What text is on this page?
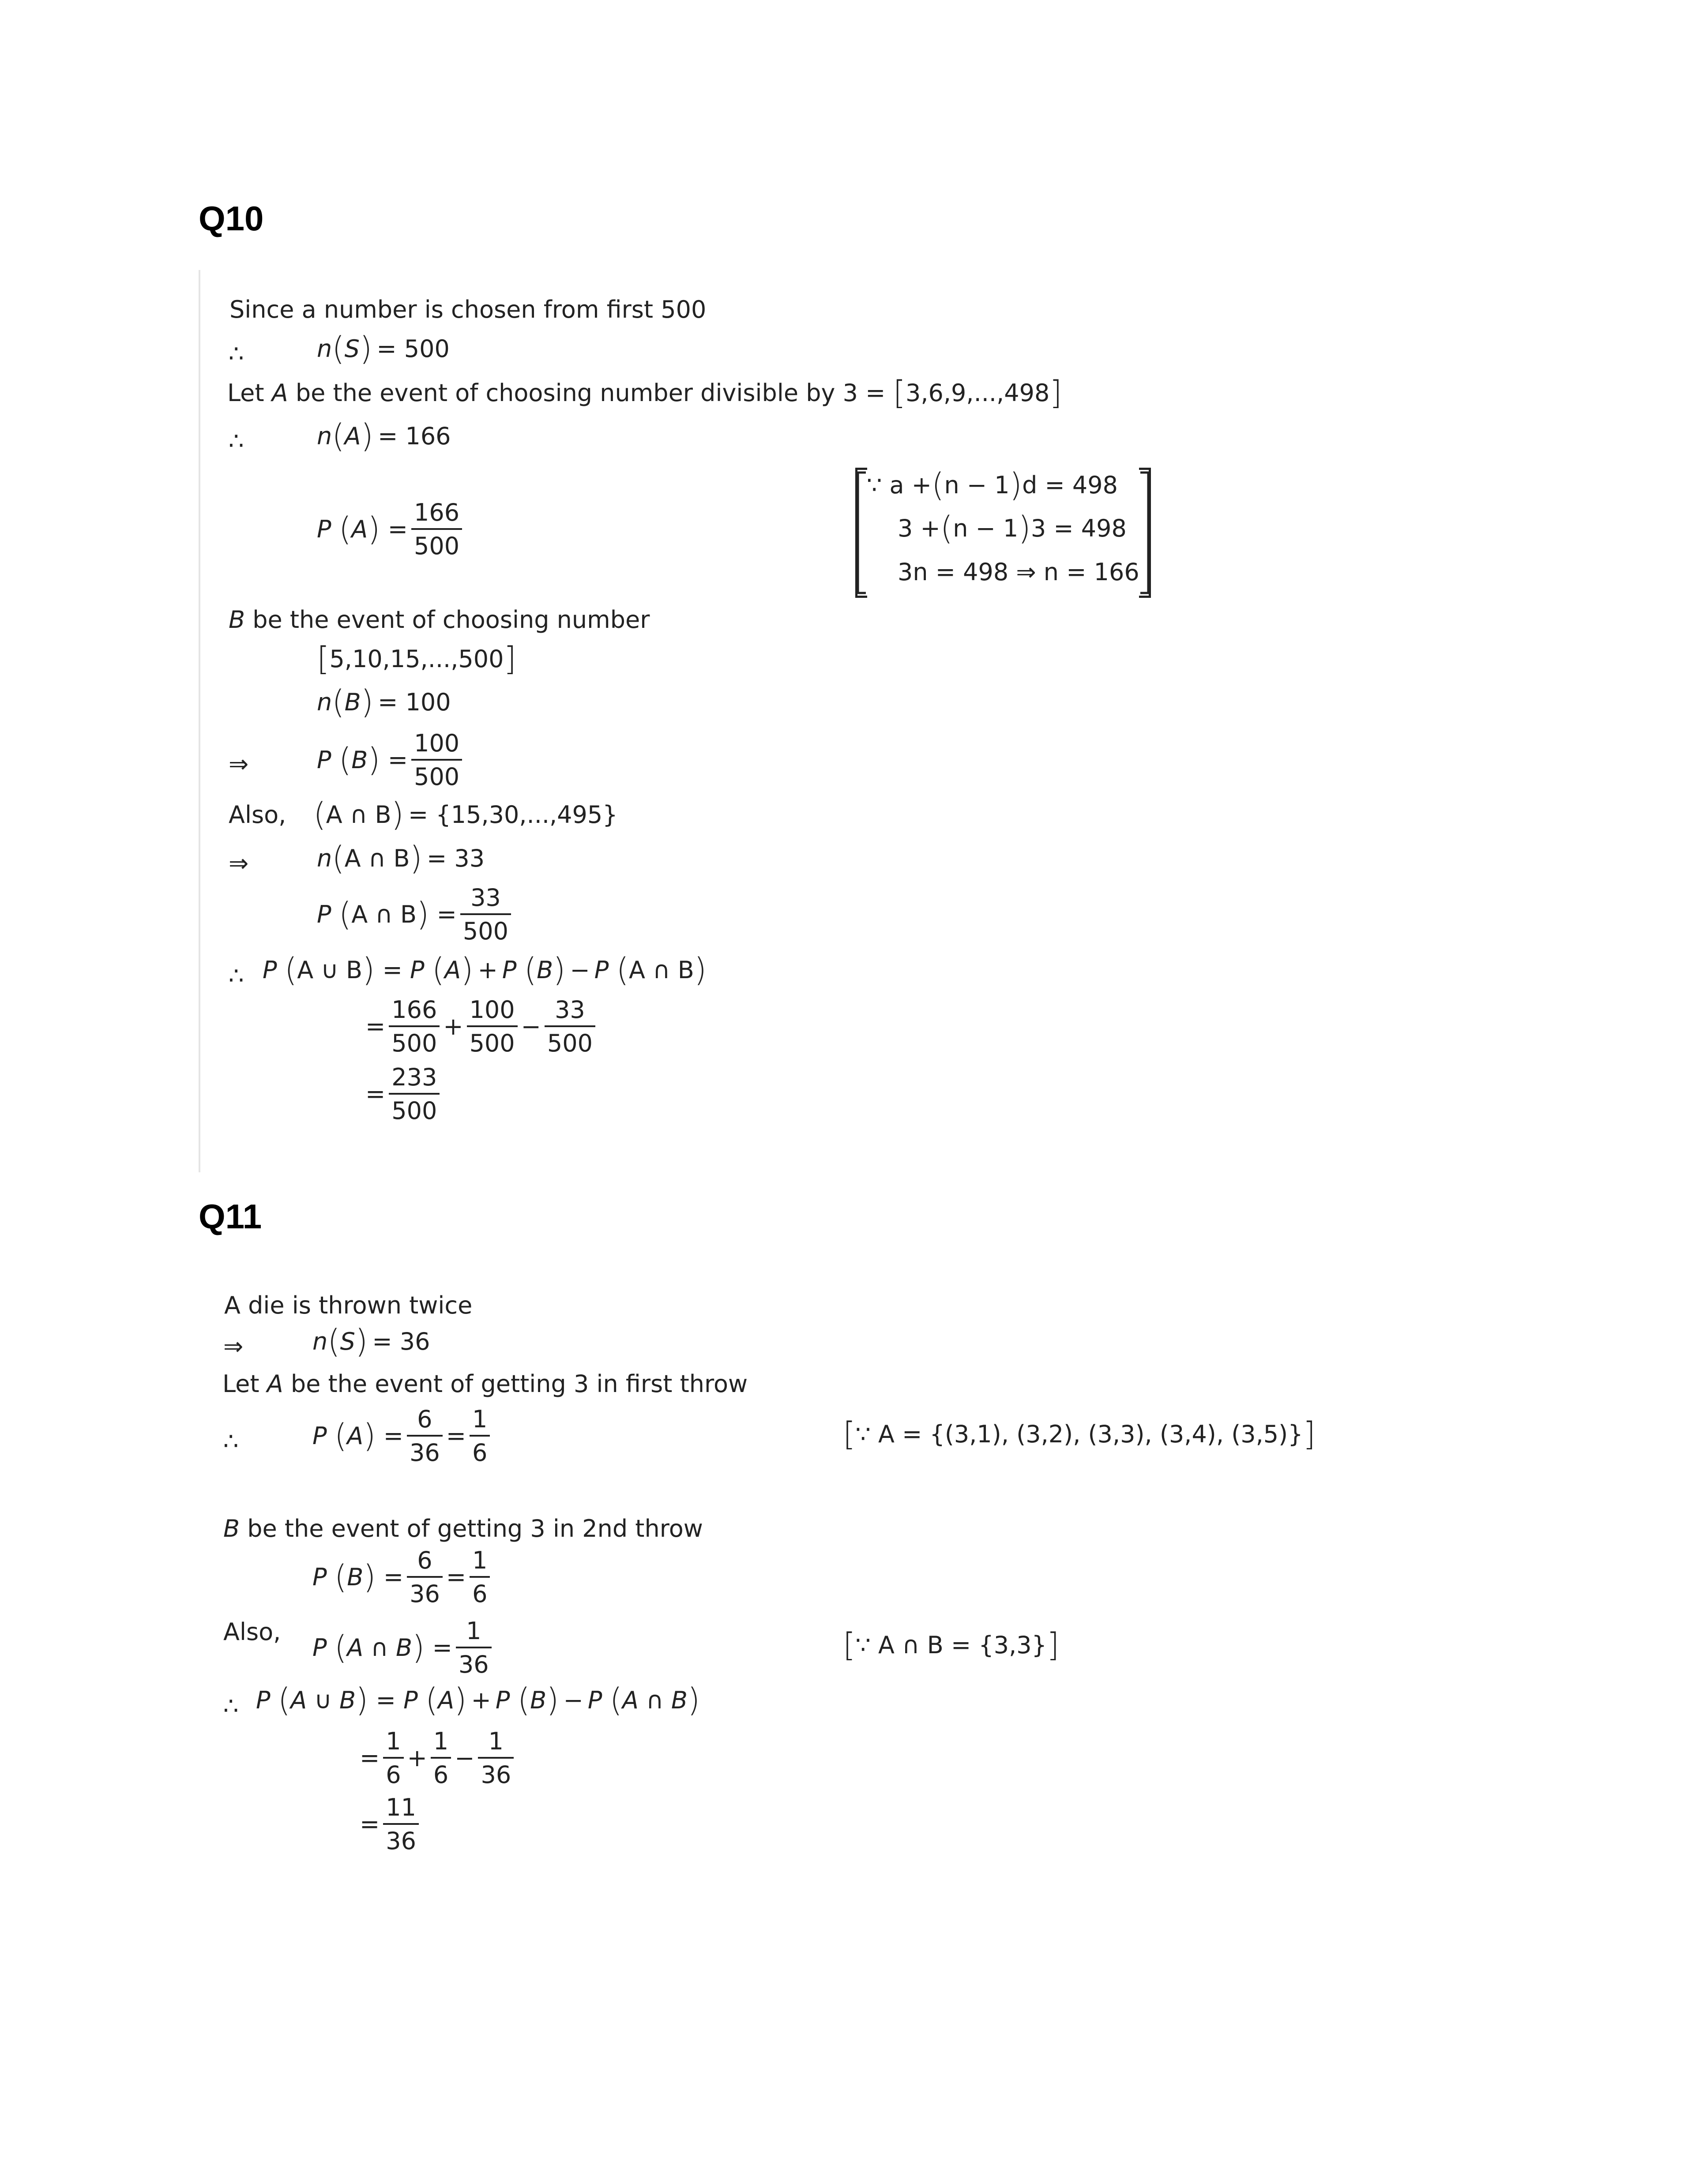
Q10
Since a number is chosen from first 500
∴	n ( S ) = 500
Let
A
be the event of choosing number divisible by 3 =
[ 3,6,9,...,498 ]
∴	n ( A ) = 166
P
( A ) = $\frac{166}{500}$
∵ a + ( n − 1 ) d = 498
3 + ( n − 1 ) 3 = 498
3n = 498 ⇒ n = 166
B
be the event of choosing number
[ 5,10,15,...,500 ]
n ( B ) = 100
⇒	P
( B ) = $\frac{100}{500}$
Also, ( A ∩ B ) = {15,30,...,495}
⇒	n ( A ∩ B ) = 33
P
( A ∩ B ) = $\frac{33}{500}$
∴ P
( A ∪ B ) = P
( A ) + P
( B ) − P
( A ∩ B )
= $\frac{166}{500} + \frac{100}{500} - \frac{33}{500}$
= $\frac{233}{500}$
Q11
A die is thrown twice
⇒	n ( S ) = 36
Let
A
be the event of getting 3 in first throw
∴	P
( A ) = $\frac{6}{36} = \frac{1}{6}$	[ ∵ A = {(3,1), (3,2), (3,3), (3,4), (3,5)} ]
B
be the event of getting 3 in 2nd throw
P
( B ) = $\frac{6}{36} = \frac{1}{6}$
Also,
P
( A ∩ B ) = $\frac{1}{36}$	[ ∵ A ∩ B = {3,3} ]
∴ P
( A ∪ B ) = P
( A ) + P
( B ) − P
( A ∩ B )
= $\frac{1}{6} + \frac{1}{6} - \frac{1}{36}$
= $\frac{11}{36}$
